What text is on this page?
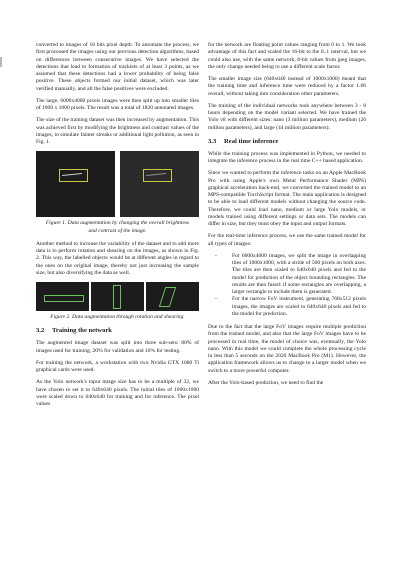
converted to images of 16 bits pixel depth. To automate the process, we first processed the images using our previous detection algorithms, based on differences between consecutive images. We have selected the detections that lead to formation of tracklets of at least 3 points, as we assumed that these detections had a lower probability of being false positive. These objects formed our initial dataset, which was later verified manually, and all the false positives were excluded.

The large, 6000x4000 pixels images were then split up into smaller tiles of 1000 x 1000 pixels. The result was a total of 1820 annotated images.

The size of the training dataset was then increased by augmentation. This was achieved first by modifying the brightness and contrast values of the images, to simulate fainter streaks or additional light pollution, as seen in Fig. 1.

Figure 1. Data augmentation by changing the overall brightness and contrast of the image.

Another method to increase the variability of the dataset and to add more data is to perform rotation and shearing on the images, as shown in Fig. 2. This way, the labelled objects would be at different angles in regard to the ones on the original image, thereby not just increasing the sample size, but also diversifying the data as well.

Figure 2. Data augmentation through rotation and shearing.
3.2 Training the network

The augmented image dataset was split into three sub-sets: 80% of images used for training, 20% for validation and 10% for testing.

For training the network, a workstation with two Nvidia GTX 1080 Ti graphical cards were used.

As the Yolo network's input image size has to be a multiple of 32, we have chosen to set it to 640x640 pixels. The initial tiles of 1000x1000 were scaled down to 640x640 for training and for inference. The pixel values

for the network are floating point values ranging from 0 to 1. We took advantage of this fact and scaled the 16-bit to the 0..1 interval, but we could also use, with the same network, 8-bit values from jpeg images, the only change needed being to use a different scale factor.

The smaller image size (640x640 instead of 1000x1000) meant that the training time and inference time were reduced by a factor 1.66 overall, without taking into consideration other parameters.

The training of the individual networks took anywhere between 3 - 8 hours depending on the model variant selected. We have trained the Yolo v8 with different sizes: nano (3 million parameters), medium (26 million parameters), and large (44 million parameters).

3.3 Real time inference

While the training process was implemented in Python, we needed to integrate the inference process in the real time C++ based application.

Since we wanted to perform the inference tasks on an Apple MacBook Pro with using Apple's own Metal Performance Shader (MPS) graphical acceleration back-end, we converted the trained model to an MPS-compatible TorchScript format. The main application is designed to be able to load different models without changing the source code. Therefore, we could load nano, medium or large Yolo models, or models trained using different settings or data sets. The models can differ in size, but they must obey the input and output formats.

For the real-time inference process, we use the same trained model for all types of images:

-	For 6000x4000 images, we split the image in overlapping tiles of 1000x1000, with a stride of 500 pixels on both axes. The tiles are then scaled to 640x640 pixels and fed to the model for prediction of the object bounding rectangles. The results are then fused: if some rectangles are overlapping, a larger rectangle to include them is generated.
-	For the narrow FoV instrument, generating 768x512 pixels images, the images are scaled to 640x640 pixels and fed to the model for prediction.

Due to the fact that the large FoV images require multiple prediction from the trained model, and also that the large FoV images have to be processed in real time, the model of choice was, eventually, the Yolo nano. With this model we could complete the whole processing cycle in less than 5 seconds on the 2020 MacBook Pro (M1). However, the application framework allows us to change to a larger model when we switch to a more powerful computer.

After the Yolo-based prediction, we need to find the
